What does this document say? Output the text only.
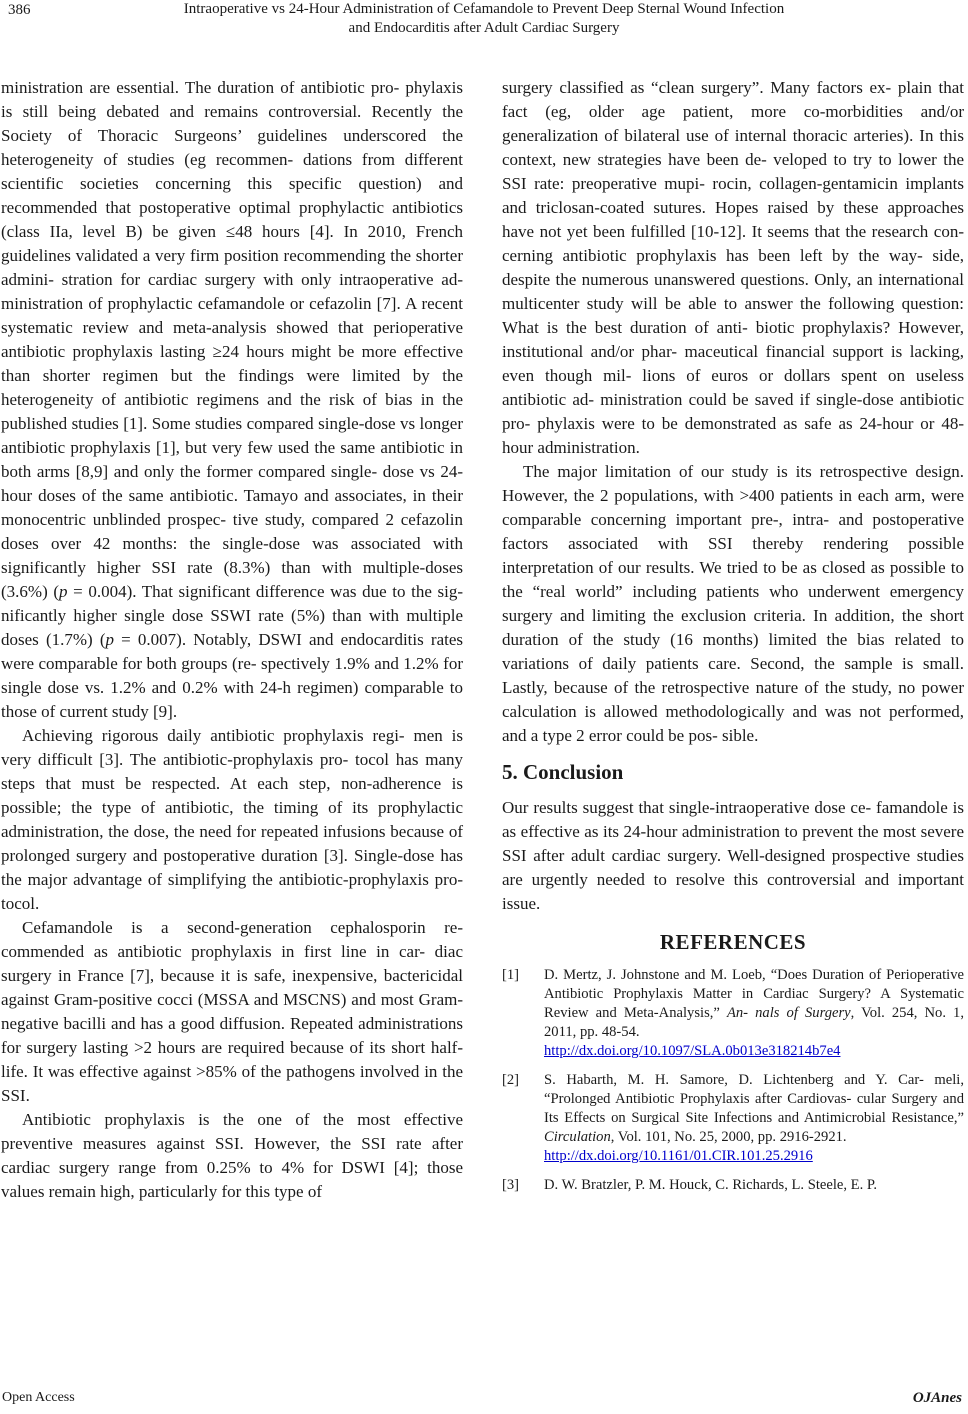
386	Intraoperative vs 24-Hour Administration of Cefamandole to Prevent Deep Sternal Wound Infection
and Endocarditis after Adult Cardiac Surgery

ministration are essential. The duration of antibiotic pro- phylaxis is still being debated and remains controversial. Recently the Society of Thoracic Surgeons’ guidelines underscored the heterogeneity of studies (eg recommen- dations from different scientific societies concerning this specific question) and recommended that postoperative optimal prophylactic antibiotics (class IIa, level B) be given ≤48 hours [4]. In 2010, French guidelines validated a very firm position recommending the shorter admini- stration for cardiac surgery with only intraoperative ad- ministration of prophylactic cefamandole or cefazolin [7]. A recent systematic review and meta-analysis showed that perioperative antibiotic prophylaxis lasting ≥24 hours might be more effective than shorter regimen but the findings were limited by the heterogeneity of antibiotic regimens and the risk of bias in the published studies [1]. Some studies compared single-dose vs longer antibiotic prophylaxis [1], but very few used the same antibiotic in both arms [8,9] and only the former compared single- dose vs 24-hour doses of the same antibiotic. Tamayo and associates, in their monocentric unblinded prospec- tive study, compared 2 cefazolin doses over 42 months: the single-dose was associated with significantly higher SSI rate (8.3%) than with multiple-doses (3.6%) (p = 0.004). That significant difference was due to the sig- nificantly higher single dose SSWI rate (5%) than with multiple doses (1.7%) (p = 0.007). Notably, DSWI and endocarditis rates were comparable for both groups (re- spectively 1.9% and 1.2% for single dose vs. 1.2% and 0.2% with 24-h regimen) comparable to those of current study [9].

Achieving rigorous daily antibiotic prophylaxis regi- men is very difficult [3]. The antibiotic-prophylaxis pro- tocol has many steps that must be respected. At each step, non-adherence is possible; the type of antibiotic, the timing of its prophylactic administration, the dose, the need for repeated infusions because of prolonged surgery and postoperative duration [3]. Single-dose has the major advantage of simplifying the antibiotic-prophylaxis pro- tocol.

Cefamandole is a second-generation cephalosporin re- commended as antibiotic prophylaxis in first line in car- diac surgery in France [7], because it is safe, inexpensive, bactericidal against Gram-positive cocci (MSSA and MSCNS) and most Gram-negative bacilli and has a good diffusion. Repeated administrations for surgery lasting >2 hours are required because of its short half-life. It was effective against >85% of the pathogens involved in the SSI.

Antibiotic prophylaxis is the one of the most effective preventive measures against SSI. However, the SSI rate after cardiac surgery range from 0.25% to 4% for DSWI [4]; those values remain high, particularly for this type of

surgery classified as “clean surgery”. Many factors ex- plain that fact (eg, older age patient, more co-morbidities and/or generalization of bilateral use of internal thoracic arteries). In this context, new strategies have been de- veloped to try to lower the SSI rate: preoperative mupi- rocin, collagen-gentamicin implants and triclosan-coated sutures. Hopes raised by these approaches have not yet been fulfilled [10-12]. It seems that the research con- cerning antibiotic prophylaxis has been left by the way- side, despite the numerous unanswered questions. Only, an international multicenter study will be able to answer the following question: What is the best duration of anti- biotic prophylaxis? However, institutional and/or phar- maceutical financial support is lacking, even though mil- lions of euros or dollars spent on useless antibiotic ad- ministration could be saved if single-dose antibiotic pro- phylaxis were to be demonstrated as safe as 24-hour or 48-hour administration.

The major limitation of our study is its retrospective design. However, the 2 populations, with >400 patients in each arm, were comparable concerning important pre-, intra- and postoperative factors associated with SSI thereby rendering possible interpretation of our results. We tried to be as closed as possible to the “real world” including patients who underwent emergency surgery and limiting the exclusion criteria. In addition, the short duration of the study (16 months) limited the bias related to variations of daily patients care. Second, the sample is small. Lastly, because of the retrospective nature of the study, no power calculation is allowed methodologically and was not performed, and a type 2 error could be pos- sible.

5. Conclusion

Our results suggest that single-intraoperative dose ce- famandole is as effective as its 24-hour administration to prevent the most severe SSI after adult cardiac surgery. Well-designed prospective studies are urgently needed to resolve this controversial and important issue.

REFERENCES
[1]	D. Mertz, J. Johnstone and M. Loeb, “Does Duration of Perioperative Antibiotic Prophylaxis Matter in Cardiac Surgery? A Systematic Review and Meta-Analysis,” An- nals of Surgery, Vol. 254, No. 1, 2011, pp. 48-54.
http://dx.doi.org/10.1097/SLA.0b013e318214b7e4
[2]	S. Habarth, M. H. Samore, D. Lichtenberg and Y. Car- meli, “Prolonged Antibiotic Prophylaxis after Cardiovas- cular Surgery and Its Effects on Surgical Site Infections and Antimicrobial Resistance,” Circulation, Vol. 101, No. 25, 2000, pp. 2916-2921.
http://dx.doi.org/10.1161/01.CIR.101.25.2916
[3]	D. W. Bratzler, P. M. Houck, C. Richards, L. Steele, E. P.
Open Access	OJAnes
